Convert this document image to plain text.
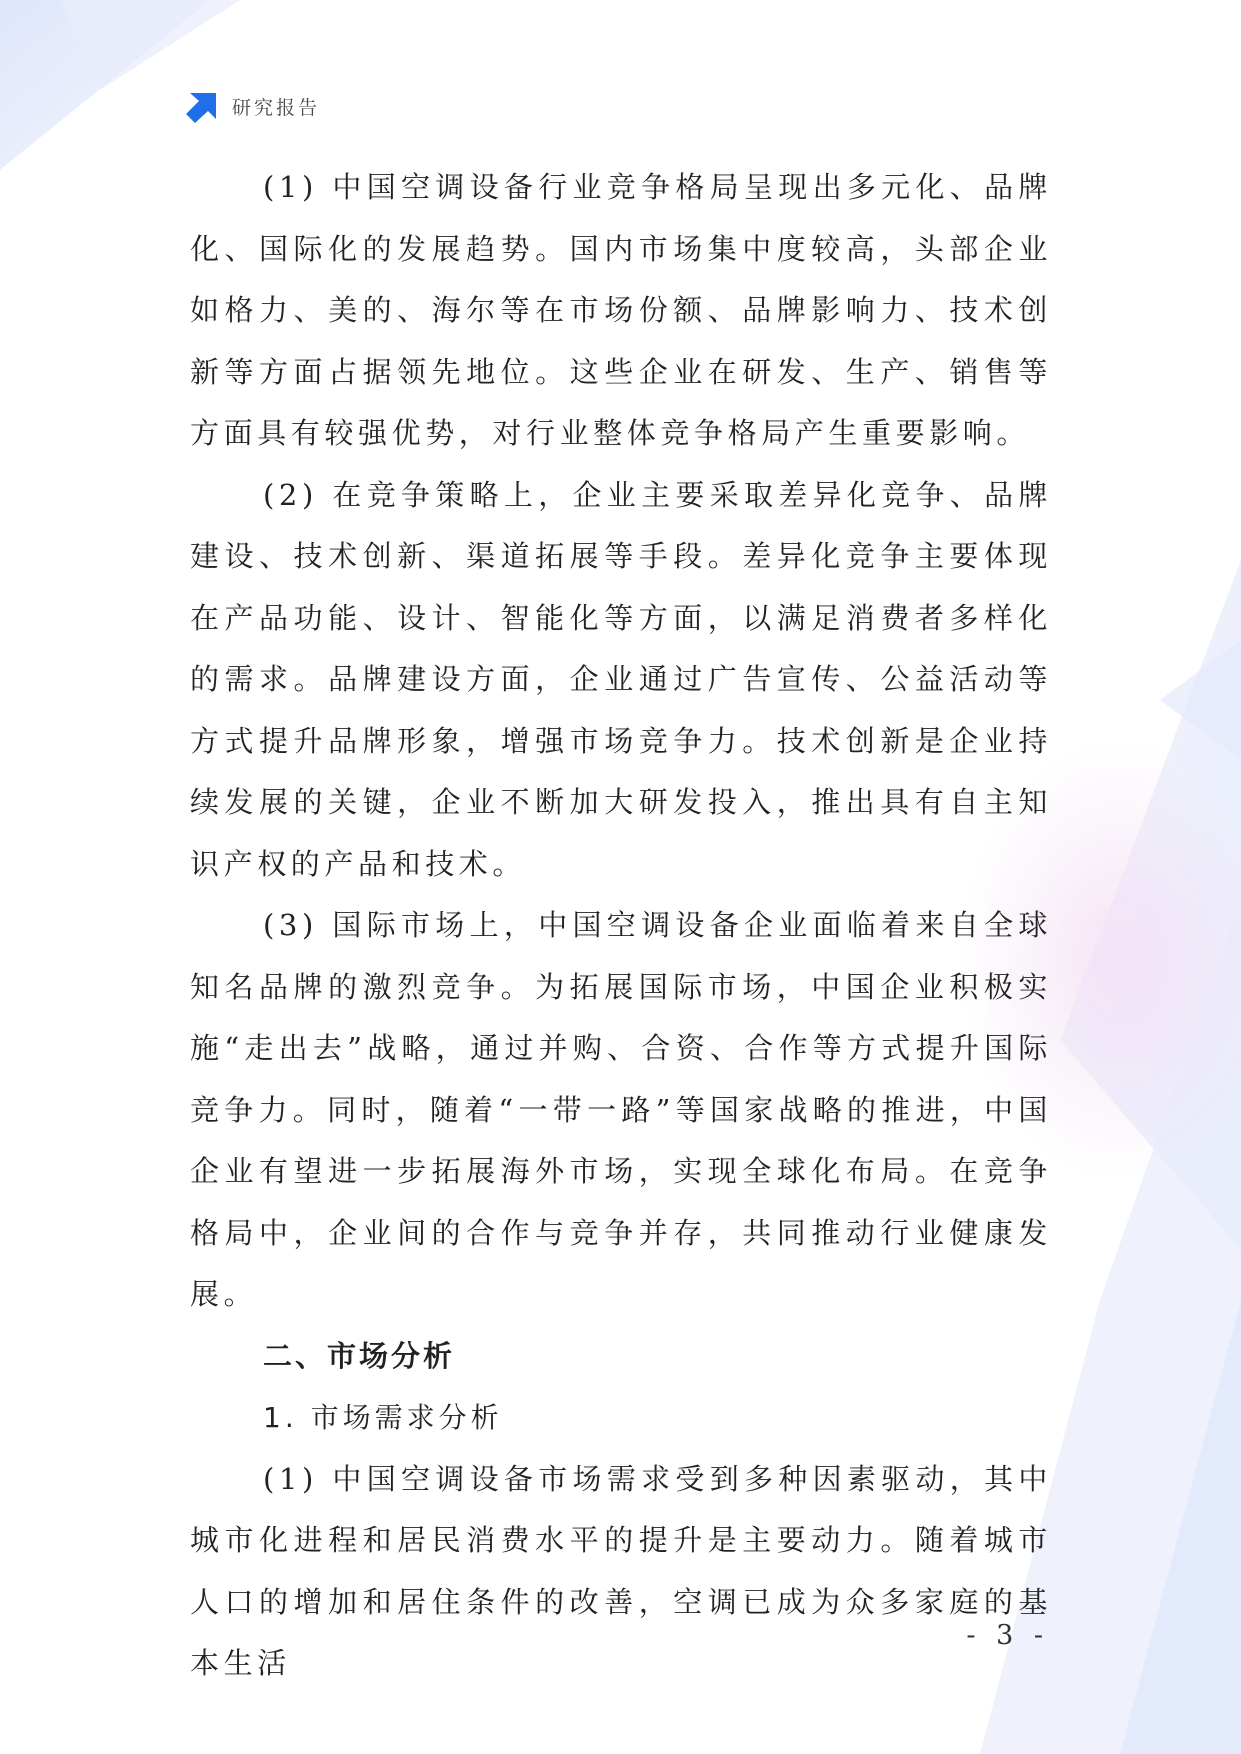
研究报告

(1) 中国空调设备行业竞争格局呈现出多元化、品牌化、国际化的发展趋势。国内市场集中度较高，头部企业如格力、美的、海尔等在市场份额、品牌影响力、技术创新等方面占据领先地位。这些企业在研发、生产、销售等方面具有较强优势，对行业整体竞争格局产生重要影响。

(2) 在竞争策略上，企业主要采取差异化竞争、品牌建设、技术创新、渠道拓展等手段。差异化竞争主要体现在产品功能、设计、智能化等方面，以满足消费者多样化的需求。品牌建设方面，企业通过广告宣传、公益活动等方式提升品牌形象，增强市场竞争力。技术创新是企业持续发展的关键，企业不断加大研发投入，推出具有自主知识产权的产品和技术。

(3) 国际市场上，中国空调设备企业面临着来自全球知名品牌的激烈竞争。为拓展国际市场，中国企业积极实施“走出去”战略，通过并购、合资、合作等方式提升国际竞争力。同时，随着“一带一路”等国家战略的推进，中国企业有望进一步拓展海外市场，实现全球化布局。在竞争格局中，企业间的合作与竞争并存，共同推动行业健康发展。

二、市场分析

1. 市场需求分析

(1) 中国空调设备市场需求受到多种因素驱动，其中城市化进程和居民消费水平的提升是主要动力。随着城市人口的增加和居住条件的改善，空调已成为众多家庭的基本生活

- 3 -
